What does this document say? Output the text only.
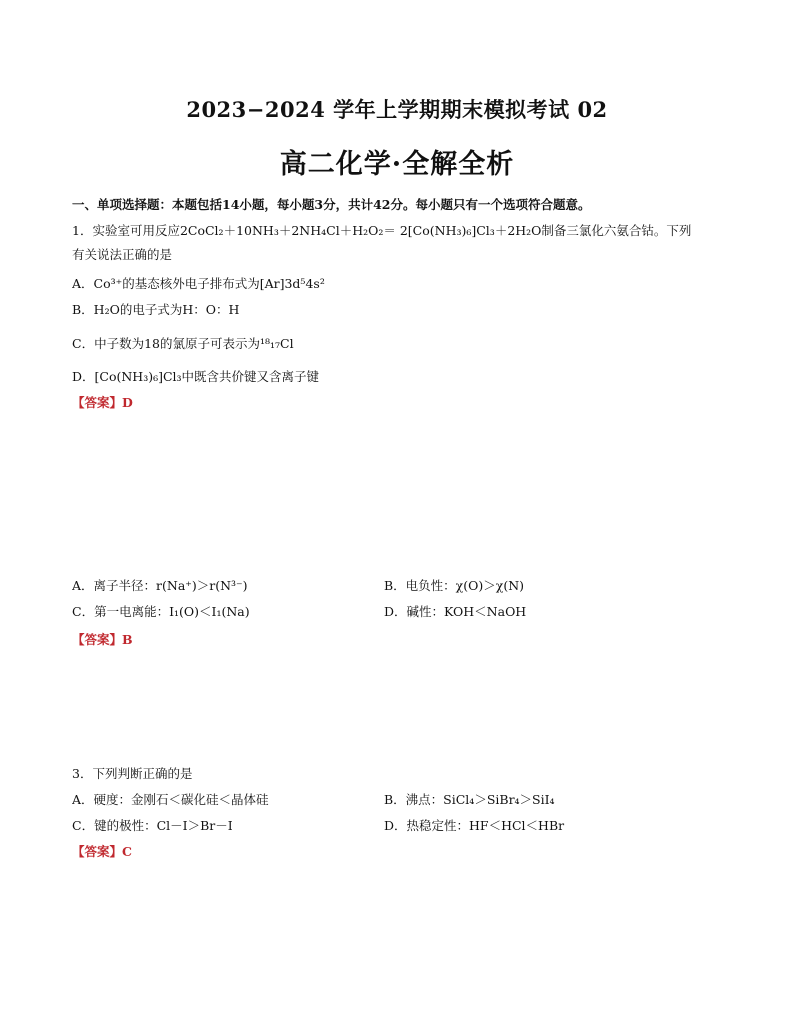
2023−2024 学年上学期期末模拟考试 02
高二化学·全解全析
一、单项选择题：本题包括14小题，每小题3分，共计42分。每小题只有一个选项符合题意。
1．实验室可用反应2CoCl₂＋10NH₃＋2NH₄Cl＋H₂O₂＝ 2[Co(NH₃)₆]Cl₃＋2H₂O制备三氯化六氨合钴。下列
有关说法正确的是
A．Co³⁺的基态核外电子排布式为[Ar]3d⁵4s²
B．H₂O的电子式为H：O：H
C．中子数为18的氯原子可表示为¹⁸₁₇Cl
D．[Co(NH₃)₆]Cl₃中既含共价键又含离子键
【答案】D
A．离子半径：r(Na⁺)＞r(N³⁻)	B．电负性：χ(O)＞χ(N)
C．第一电离能：I₁(O)＜I₁(Na)	D．碱性：KOH＜NaOH
【答案】B
3．下列判断正确的是
A．硬度：金刚石＜碳化硅＜晶体硅	B．沸点：SiCl₄＞SiBr₄＞SiI₄
C．键的极性：Cl－I＞Br－I	D．热稳定性：HF＜HCl＜HBr
【答案】C
